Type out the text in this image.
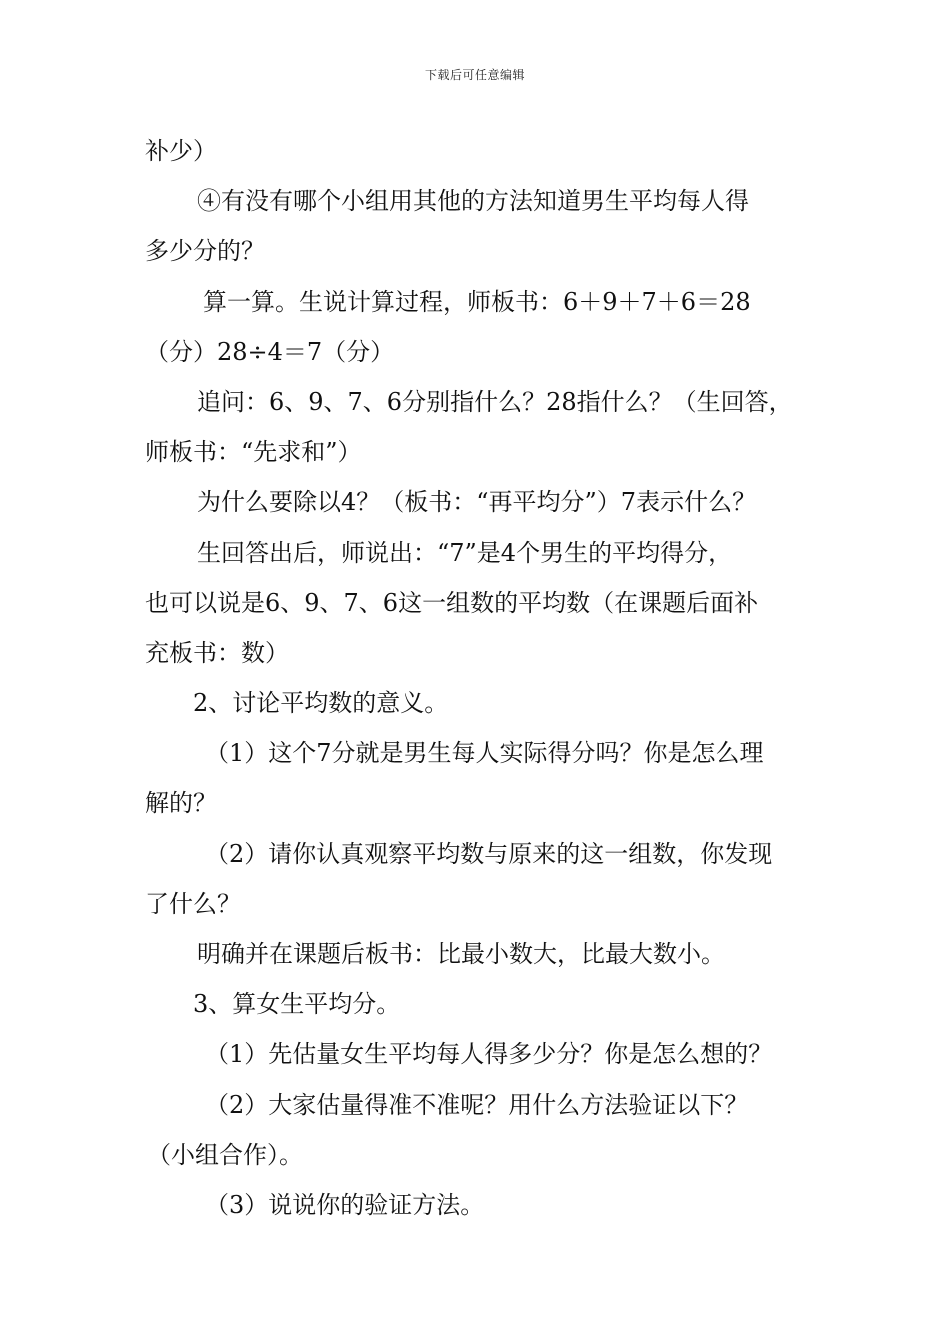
下载后可任意编辑
补少）
④有没有哪个小组用其他的方法知道男生平均每人得
多少分的？
算一算。生说计算过程，师板书：6＋9＋7＋6＝28
（分）28÷4＝7（分）
追问：6、9、7、6分别指什么？28指什么？（生回答，
师板书：“先求和”）
为什么要除以4？（板书：“再平均分”）7表示什么？
生回答出后，师说出：“7”是4个男生的平均得分，
也可以说是6、9、7、6这一组数的平均数（在课题后面补
充板书：数）
2、讨论平均数的意义。
（1）这个7分就是男生每人实际得分吗？你是怎么理
解的？
（2）请你认真观察平均数与原来的这一组数，你发现
了什么？
明确并在课题后板书：比最小数大，比最大数小。
3、算女生平均分。
（1）先估量女生平均每人得多少分？你是怎么想的？
（2）大家估量得准不准呢？用什么方法验证以下？
（小组合作）。
（3）说说你的验证方法。
